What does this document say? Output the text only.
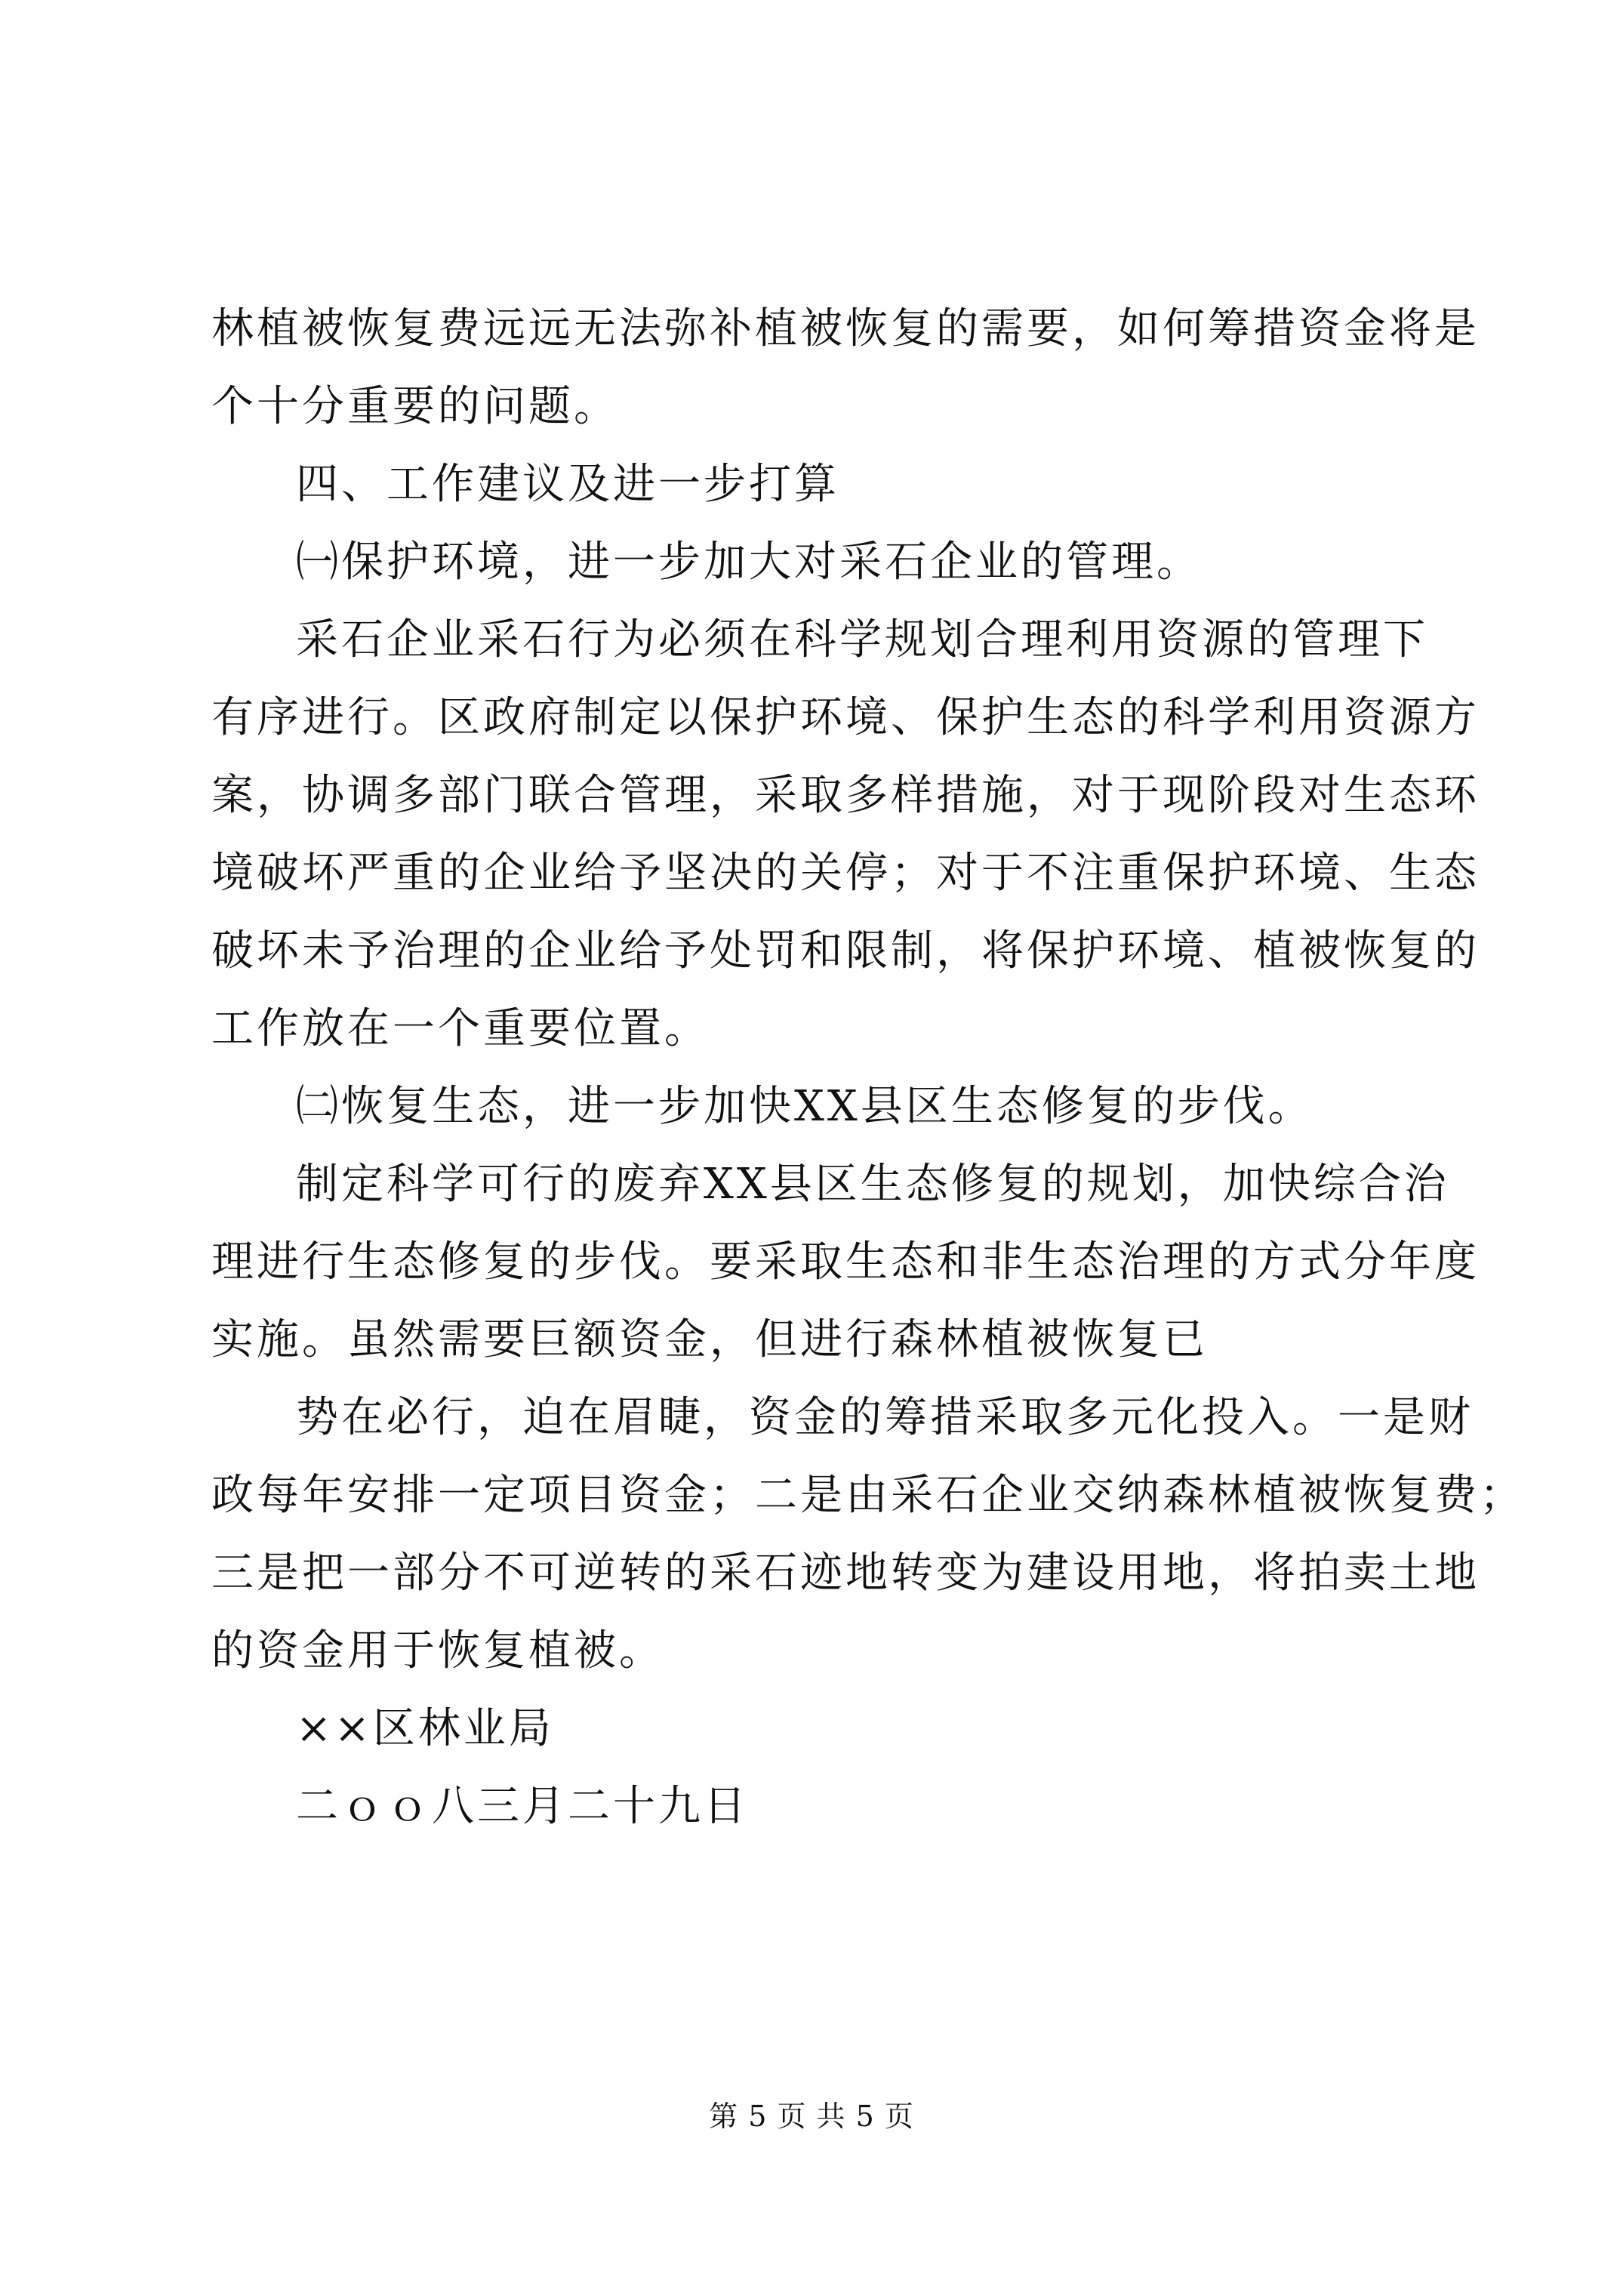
林植被恢复费远远无法弥补植被恢复的需要，如何筹措资金将是
个十分重要的问题。
四、工作建议及进一步打算
㈠保护环境，进一步加大对采石企业的管理。
采石企业采石行为必须在科学规划合理利用资源的管理下
有序进行。区政府制定以保护环境、保护生态的科学利用资源方
案，协调多部门联合管理，采取多样措施，对于现阶段对生态环
境破坏严重的企业给予坚决的关停；对于不注重保护环境、生态
破坏未予治理的企业给予处罚和限制，将保护环境、植被恢复的
工作放在一个重要位置。
㈡恢复生态，进一步加快XX县区生态修复的步伐。
制定科学可行的废弃XX县区生态修复的规划，加快综合治
理进行生态修复的步伐。要采取生态和非生态治理的方式分年度
实施。虽然需要巨额资金，但进行森林植被恢复已
势在必行，迫在眉睫，资金的筹措采取多元化投入。一是财
政每年安排一定项目资金；二是由采石企业交纳森林植被恢复费；
三是把一部分不可逆转的采石迹地转变为建设用地，将拍卖土地
的资金用于恢复植被。
××区林业局
二ｏｏ八三月二十九日
第 5 页 共 5 页
